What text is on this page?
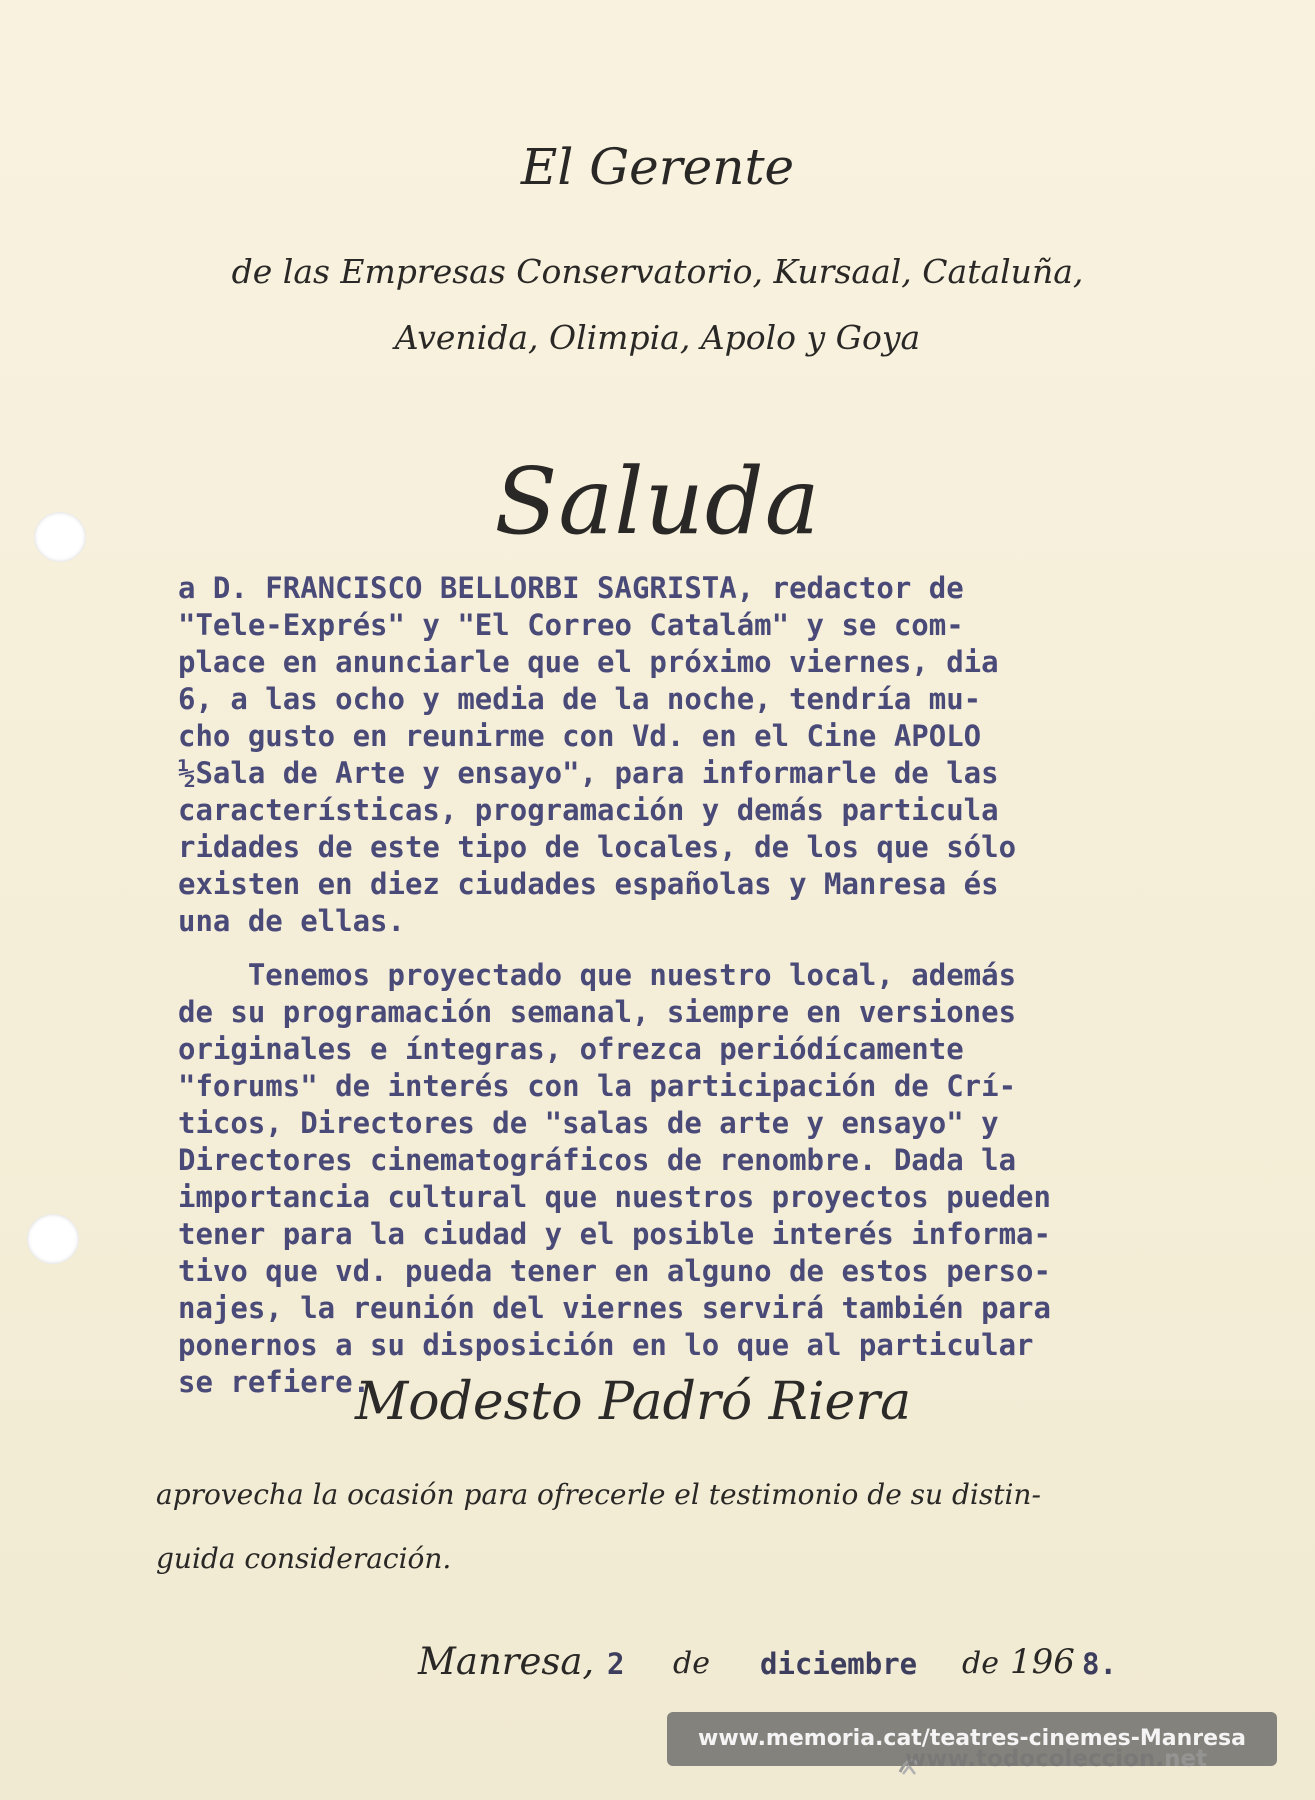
El Gerente
de las Empresas Conservatorio, Kursaal, Cataluña,
Avenida, Olimpia, Apolo y Goya
Saluda
a D. FRANCISCO BELLORBI SAGRISTA, redactor de
"Tele-Exprés" y "El Correo Catalám" y se com-
place en anunciarle que el próximo viernes, dia
6, a las ocho y media de la noche, tendría mu-
cho gusto en reunirme con Vd. en el Cine APOLO
½Sala de Arte y ensayo", para informarle de las
características, programación y demás particula
ridades de este tipo de locales, de los que sólo
existen en diez ciudades españolas y Manresa és
una de ellas.
Tenemos proyectado que nuestro local, además
de su programación semanal, siempre en versiones
originales e íntegras, ofrezca periódícamente
"forums" de interés con la participación de Crí-
ticos, Directores de "salas de arte y ensayo" y
Directores cinematográficos de renombre. Dada la
importancia cultural que nuestros proyectos pueden
tener para la ciudad y el posible interés informa-
tivo que vd. pueda tener en alguno de estos perso-
najes, la reunión del viernes servirá también para
ponernos a su disposición en lo que al particular
se refiere.
Modesto Padró Riera
aprovecha la ocasión para ofrecerle el testimonio de su distin-
guida consideración.
Manresa, 2 de diciembre de 196 8.
www.memoria.cat/teatres-cinemes-Manresa
www.todocoleccion.net
